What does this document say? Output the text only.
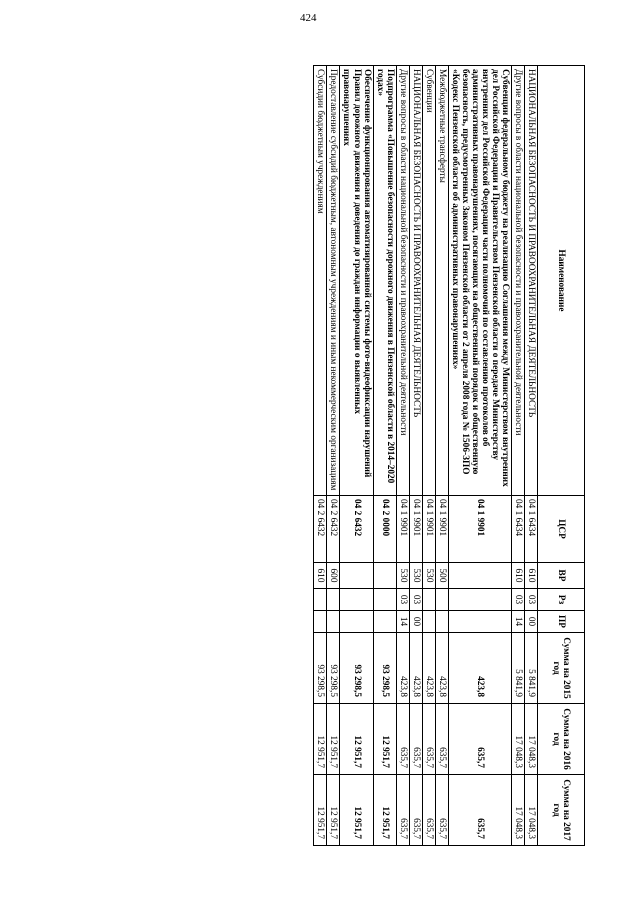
424
Наименование	ЦСР	ВР	Рз	ПР	Сумма на 2015 год	Сумма на 2016 год	Сумма на 2017 год
НАЦИОНАЛЬНАЯ БЕЗОПАСНОСТЬ И ПРАВООХРАНИТЕЛЬНАЯ ДЕЯТЕЛЬНОСТЬ	04 1 6434	610	03	00	5 841,9	17 048,3	17 048,3
Другие вопросы в области национальной безопасности и правоохранительной деятельности	04 1 6434	610	03	14	5 841,9	17 048,3	17 048,3
Субвенции федеральному бюджету на реализацию Соглашения между Министерством внутренних дел Российской Федерации и Правительством Пензенской области о передаче Министерству внутренних дел Российской Федерации части полномочий по составлению протоколов об административных правонарушениях, посягающих на общественный порядок и общественную безопасность, предусмотренных Законом Пензенской области от 2 апреля 2008 года № 1506-ЗПО «Кодекс Пензенской области об административных правонарушениях»	04 1 9901				423,8	635,7	635,7
Межбюджетные трансферты	04 1 9901	500			423,8	635,7	635,7
Субвенции	04 1 9901	530			423,8	635,7	635,7
НАЦИОНАЛЬНАЯ БЕЗОПАСНОСТЬ И ПРАВООХРАНИТЕЛЬНАЯ ДЕЯТЕЛЬНОСТЬ	04 1 9901	530	03	00	423,8	635,7	635,7
Другие вопросы в области национальной безопасности и правоохранительной деятельности	04 1 9901	530	03	14	423,8	635,7	635,7
Подпрограмма «Повышение безопасности дорожного движения в Пензенской области в 2014–2020 годах»	04 2 0000				93 298,5	12 951,7	12 951,7
Обеспечение функционирования автоматизированной системы фото-видеофиксации нарушений Правил дорожного движения и доведения до граждан информации о выявленных правонарушениях	04 2 6432				93 298,5	12 951,7	12 951,7
Предоставление субсидий бюджетным, автономным учреждениям и иным некоммерческим организациям	04 2 6432	600			93 298,5	12 951,7	12 951,7
Субсидии бюджетным учреждениям	04 2 6432	610			93 298,5	12 951,7	12 951,7
